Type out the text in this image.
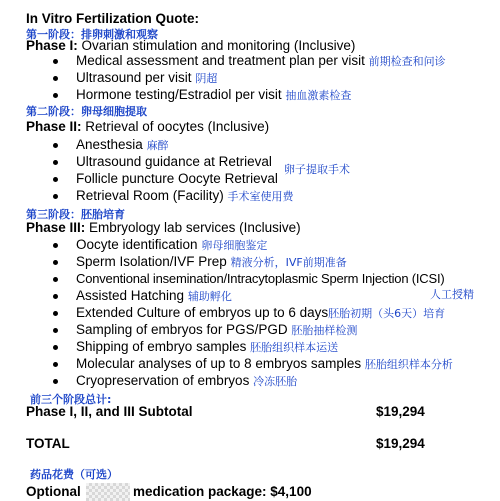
In Vitro Fertilization Quote:
第一阶段：排卵刺激和观察
Phase I: Ovarian stimulation and monitoring (Inclusive)
Medical assessment and treatment plan per visit 前期检查和问诊
Ultrasound per visit 阴超
Hormone testing/Estradiol per visit 抽血激素检查
第二阶段：卵母细胞提取
Phase II: Retrieval of oocytes (Inclusive)
Anesthesia 麻醉
Ultrasound guidance at Retrieval
卵子提取手术
Follicle puncture Oocyte Retrieval
Retrieval Room (Facility) 手术室使用费
第三阶段：胚胎培育
Phase III: Embryology lab services (Inclusive)
Oocyte identification 卵母细胞鉴定
Sperm Isolation/IVF Prep 精液分析，IVF前期准备
Conventional insemination/Intracytoplasmic Sperm Injection (ICSI)
Assisted Hatching 辅助孵化	人工授精
Extended Culture of embryos up to 6 days胚胎初期（头6天）培育
Sampling of embryos for PGS/PGD 胚胎抽样检测
Shipping of embryo samples 胚胎组织样本运送
Molecular analyses of up to 8 embryos samples 胚胎组织样本分析
Cryopreservation of embryos 冷冻胚胎
前三个阶段总计:
Phase I, II, and III Subtotal	$19,294
TOTAL	$19,294
药品花费（可选）
Optional	medication package: $4,100
